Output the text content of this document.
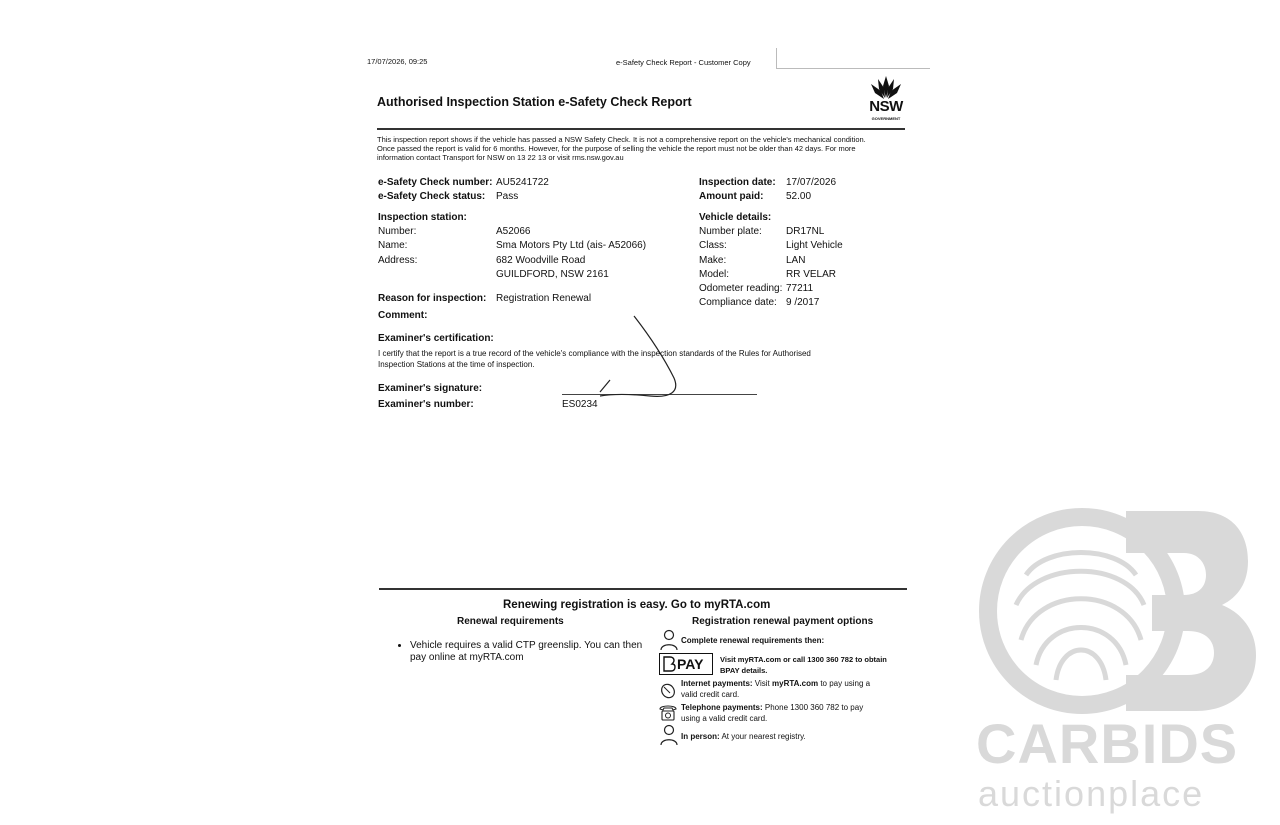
17/07/2026, 09:25	e-Safety Check Report - Customer Copy
Authorised Inspection Station e-Safety Check Report	NSW
GOVERNMENT
This inspection report shows if the vehicle has passed a NSW Safety Check. It is not a comprehensive report on the vehicle's mechanical condition.
Once passed the report is valid for 6 months. However, for the purpose of selling the vehicle the report must not be older than 42 days. For more
information contact Transport for NSW on 13 22 13 or visit rms.nsw.gov.au
e-Safety Check number: AU5241722
e-Safety Check status: Pass
Inspection date: 17/07/2026
Amount paid: 52.00
Inspection station:
Number:	A52066
Name:	Sma Motors Pty Ltd (ais- A52066)
Address:	682 Woodville Road
GUILDFORD, NSW 2161
Vehicle details:
Number plate: DR17NL
Class:	Light Vehicle
Make:	LAN
Model:	RR VELAR
Odometer reading: 77211
Compliance date: 9 /2017
Reason for inspection: Registration Renewal
Comment:
Examiner's certification:
I certify that the report is a true record of the vehicle's compliance with the inspection standards of the Rules for Authorised
Inspection Stations at the time of inspection.
Examiner's signature:
Examiner's number:	ES0234
Renewing registration is easy. Go to myRTA.com
Renewal requirements
• Vehicle requires a valid CTP greenslip. You can then
pay online at myRTA.com
Registration renewal payment options
Complete renewal requirements then:
PAY Visit myRTA.com or call 1300 360 782 to obtain
BPAY details.
Internet payments: Visit myRTA.com to pay using a
valid credit card.
Telephone payments: Phone 1300 360 782 to pay
using a valid credit card.
In person: At your nearest registry.	CARBIDS
auctionplace
